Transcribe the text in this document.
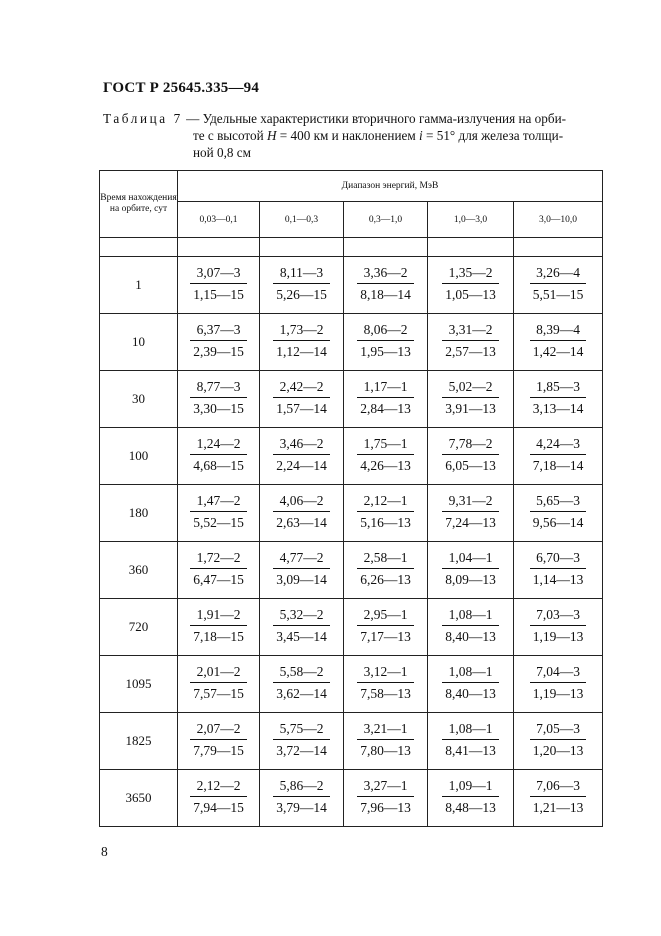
ГОСТ Р 25645.335—94
Таблица 7 — Удельные характеристики вторичного гамма-излучения на орби-
те с высотой H = 400 км и наклонением i = 51° для железа толщи-
ной 0,8 см
Время нахождения на орбите, сут	Диапазон энергий, МэВ				
	0,03—0,1	0,1—0,3	0,3—1,0	1,0—3,0	3,0—10,0

1	$\frac{3,07—3}{1,15—15}$	$\frac{8,11—3}{5,26—15}$	$\frac{3,36—2}{8,18—14}$	$\frac{1,35—2}{1,05—13}$	$\frac{3,26—4}{5,51—15}$

10	$\frac{6,37—3}{2,39—15}$	$\frac{1,73—2}{1,12—14}$	$\frac{8,06—2}{1,95—13}$	$\frac{3,31—2}{2,57—13}$	$\frac{8,39—4}{1,42—14}$

30	$\frac{8,77—3}{3,30—15}$	$\frac{2,42—2}{1,57—14}$	$\frac{1,17—1}{2,84—13}$	$\frac{5,02—2}{3,91—13}$	$\frac{1,85—3}{3,13—14}$

100	$\frac{1,24—2}{4,68—15}$	$\frac{3,46—2}{2,24—14}$	$\frac{1,75—1}{4,26—13}$	$\frac{7,78—2}{6,05—13}$	$\frac{4,24—3}{7,18—14}$

180	$\frac{1,47—2}{5,52—15}$	$\frac{4,06—2}{2,63—14}$	$\frac{2,12—1}{5,16—13}$	$\frac{9,31—2}{7,24—13}$	$\frac{5,65—3}{9,56—14}$

360	$\frac{1,72—2}{6,47—15}$	$\frac{4,77—2}{3,09—14}$	$\frac{2,58—1}{6,26—13}$	$\frac{1,04—1}{8,09—13}$	$\frac{6,70—3}{1,14—13}$

720	$\frac{1,91—2}{7,18—15}$	$\frac{5,32—2}{3,45—14}$	$\frac{2,95—1}{7,17—13}$	$\frac{1,08—1}{8,40—13}$	$\frac{7,03—3}{1,19—13}$

1095	$\frac{2,01—2}{7,57—15}$	$\frac{5,58—2}{3,62—14}$	$\frac{3,12—1}{7,58—13}$	$\frac{1,08—1}{8,40—13}$	$\frac{7,04—3}{1,19—13}$

1825	$\frac{2,07—2}{7,79—15}$	$\frac{5,75—2}{3,72—14}$	$\frac{3,21—1}{7,80—13}$	$\frac{1,08—1}{8,41—13}$	$\frac{7,05—3}{1,20—13}$

3650	$\frac{2,12—2}{7,94—15}$	$\frac{5,86—2}{3,79—14}$	$\frac{3,27—1}{7,96—13}$	$\frac{1,09—1}{8,48—13}$	$\frac{7,06—3}{1,21—13}$
8
